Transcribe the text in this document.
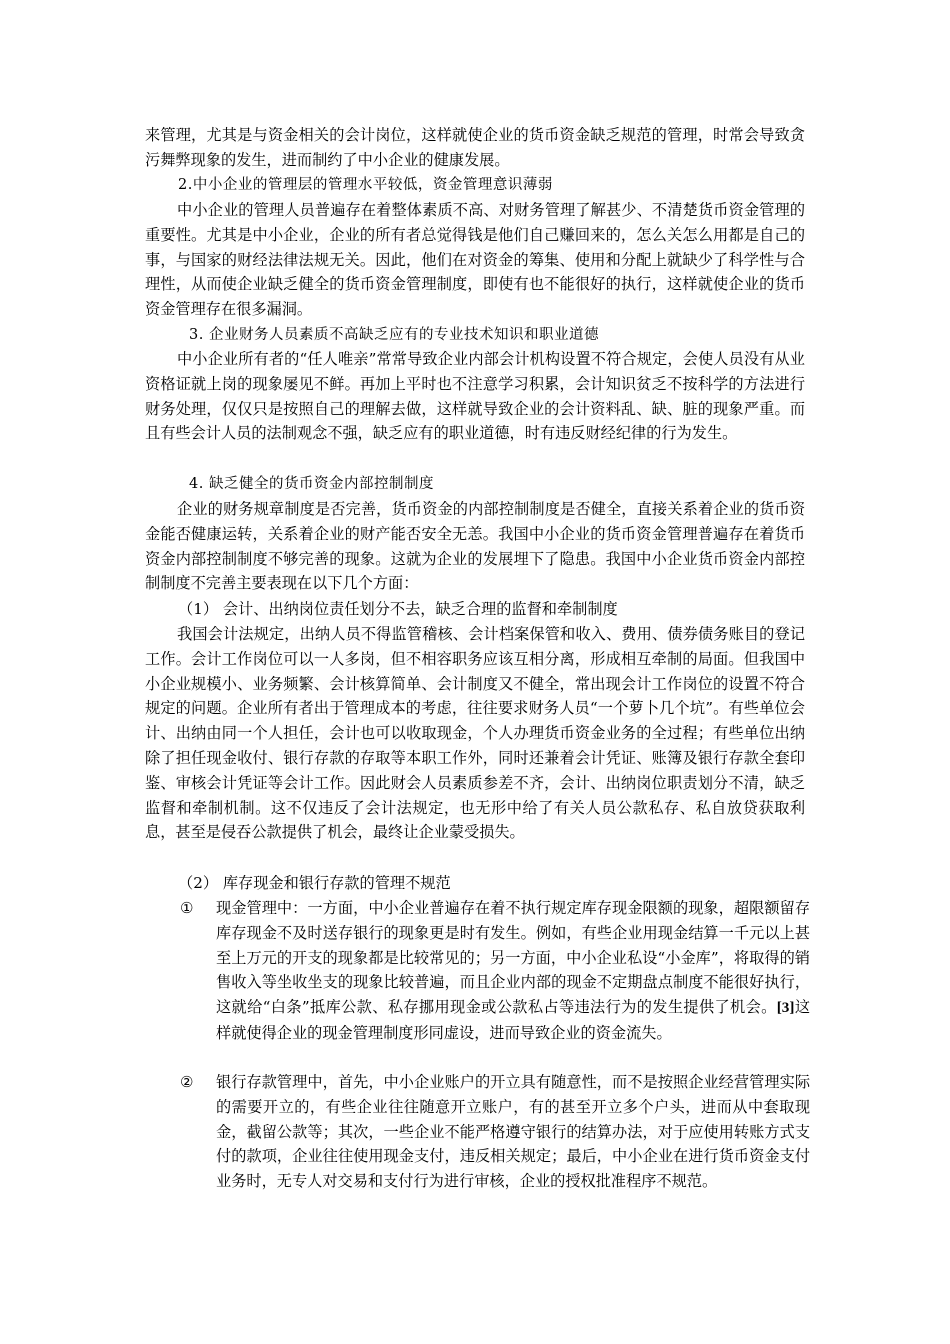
来管理，尤其是与资金相关的会计岗位，这样就使企业的货币资金缺乏规范的管理，时常会导致贪污舞弊现象的发生，进而制约了中小企业的健康发展。
2.中小企业的管理层的管理水平较低，资金管理意识薄弱
中小企业的管理人员普遍存在着整体素质不高、对财务管理了解甚少、不清楚货币资金管理的重要性。尤其是中小企业，企业的所有者总觉得钱是他们自己赚回来的，怎么关怎么用都是自己的事，与国家的财经法律法规无关。因此，他们在对资金的筹集、使用和分配上就缺少了科学性与合理性，从而使企业缺乏健全的货币资金管理制度，即使有也不能很好的执行，这样就使企业的货币资金管理存在很多漏洞。
3. 企业财务人员素质不高缺乏应有的专业技术知识和职业道德
中小企业所有者的“任人唯亲”常常导致企业内部会计机构设置不符合规定，会使人员没有从业资格证就上岗的现象屡见不鲜。再加上平时也不注意学习积累，会计知识贫乏不按科学的方法进行财务处理，仅仅只是按照自己的理解去做，这样就导致企业的会计资料乱、缺、脏的现象严重。而且有些会计人员的法制观念不强，缺乏应有的职业道德，时有违反财经纪律的行为发生。
4. 缺乏健全的货币资金内部控制制度
企业的财务规章制度是否完善，货币资金的内部控制制度是否健全，直接关系着企业的货币资金能否健康运转，关系着企业的财产能否安全无恙。我国中小企业的货币资金管理普遍存在着货币资金内部控制制度不够完善的现象。这就为企业的发展埋下了隐患。我国中小企业货币资金内部控制制度不完善主要表现在以下几个方面：
（1） 会计、出纳岗位责任划分不去，缺乏合理的监督和牵制制度
我国会计法规定，出纳人员不得监管稽核、会计档案保管和收入、费用、债券债务账目的登记工作。会计工作岗位可以一人多岗，但不相容职务应该互相分离，形成相互牵制的局面。但我国中小企业规模小、业务频繁、会计核算简单、会计制度又不健全，常出现会计工作岗位的设置不符合规定的问题。企业所有者出于管理成本的考虑，往往要求财务人员“一个萝卜几个坑”。有些单位会计、出纳由同一个人担任，会计也可以收取现金，个人办理货币资金业务的全过程；有些单位出纳除了担任现金收付、银行存款的存取等本职工作外，同时还兼着会计凭证、账簿及银行存款全套印鉴、审核会计凭证等会计工作。因此财会人员素质参差不齐，会计、出纳岗位职责划分不清，缺乏监督和牵制机制。这不仅违反了会计法规定，也无形中给了有关人员公款私存、私自放贷获取利息，甚至是侵吞公款提供了机会，最终让企业蒙受损失。
（2） 库存现金和银行存款的管理不规范
①	现金管理中：一方面，中小企业普遍存在着不执行规定库存现金限额的现象，超限额留存库存现金不及时送存银行的现象更是时有发生。例如，有些企业用现金结算一千元以上甚至上万元的开支的现象都是比较常见的；另一方面，中小企业私设“小金库”，将取得的销售收入等坐收坐支的现象比较普遍，而且企业内部的现金不定期盘点制度不能很好执行，这就给“白条”抵库公款、私存挪用现金或公款私占等违法行为的发生提供了机会。[3]这样就使得企业的现金管理制度形同虚设，进而导致企业的资金流失。
②	银行存款管理中，首先，中小企业账户的开立具有随意性，而不是按照企业经营管理实际的需要开立的，有些企业往往随意开立账户，有的甚至开立多个户头，进而从中套取现金，截留公款等；其次，一些企业不能严格遵守银行的结算办法，对于应使用转账方式支付的款项，企业往往使用现金支付，违反相关规定；最后，中小企业在进行货币资金支付业务时，无专人对交易和支付行为进行审核，企业的授权批准程序不规范。
